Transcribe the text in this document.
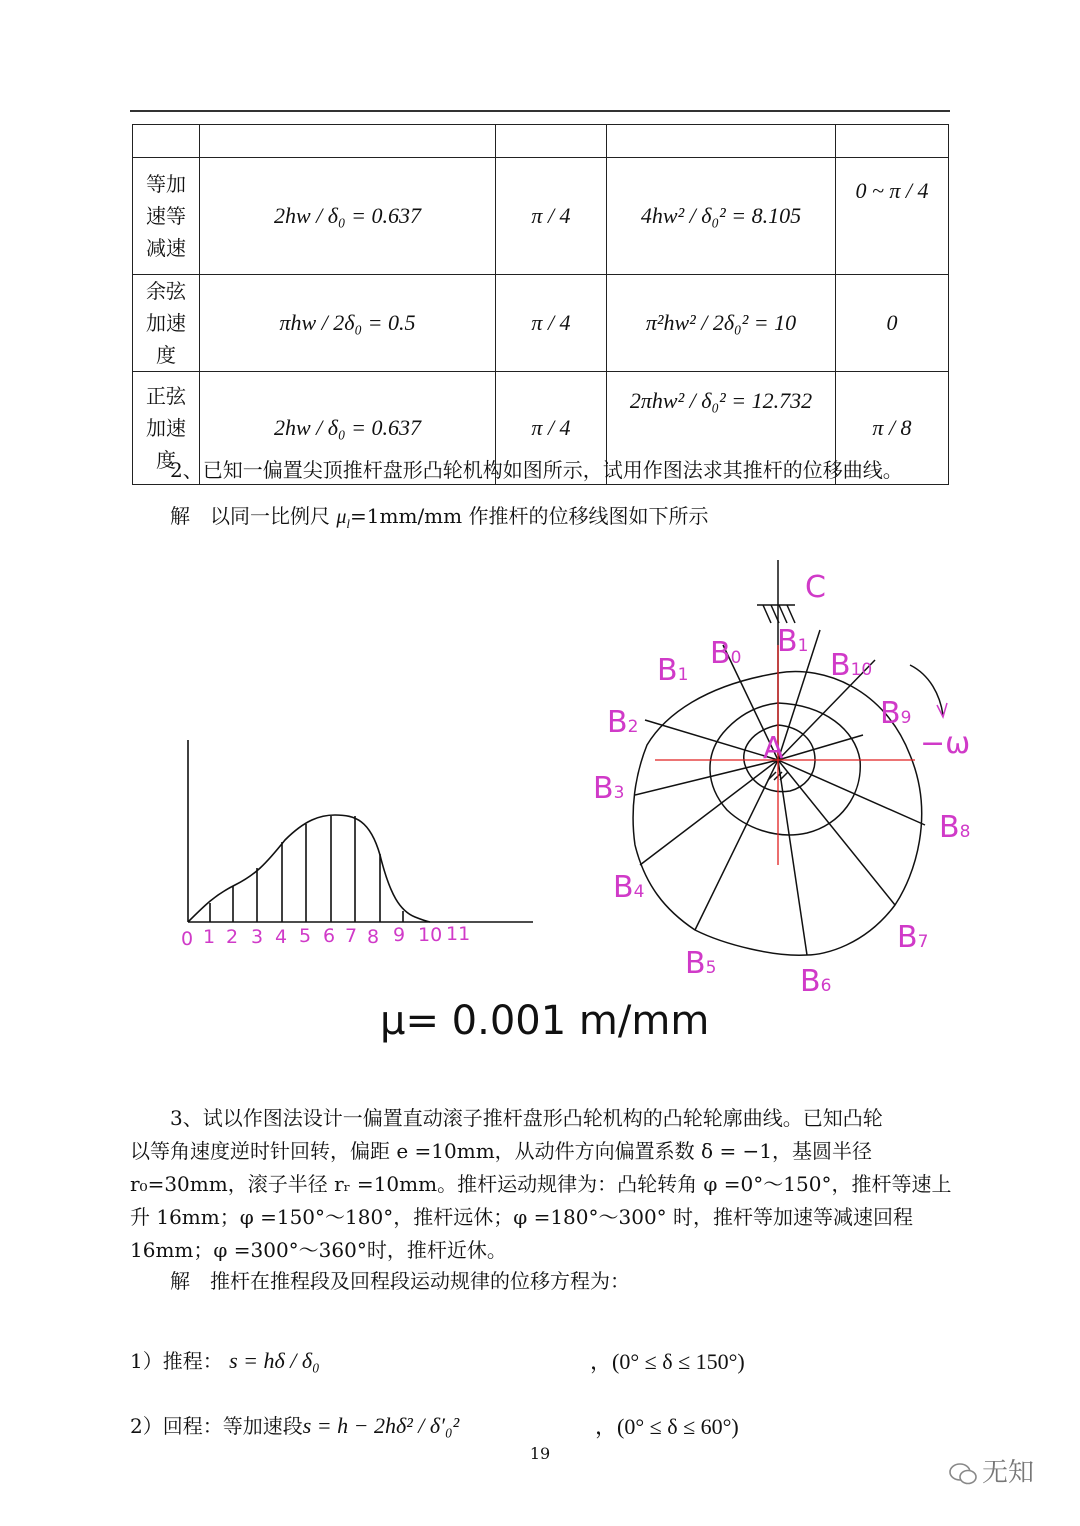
等加
速等
减速	2hw / δ₀ = 0.637	π / 4	4hw² / δ₀² = 8.105	0 ~ π / 4

余弦
加速
度	πhw / 2δ₀ = 0.5	π / 4	π²hw² / 2δ₀² = 10	0

正弦
加速
度	2hw / δ₀ = 0.637	π / 4	2πhw² / δ₀² = 12.732	π / 8
2、已知一偏置尖顶推杆盘形凸轮机构如图所示，试用作图法求其推杆的位移曲线。
解　以同一比例尺 $\mu_l=1mm/mm$ 作推杆的位移线图如下所示
0 1 2 3 4 5 6 7 8 9 10 11
C
B0 B1
B1	B10
B9
−ω
B2
A
B3
B8
B4
B7
B5	B6
μ= 0.001 m/mm
3、试以作图法设计一偏置直动滚子推杆盘形凸轮机构的凸轮轮廓曲线。已知凸轮
以等角速度逆时针回转，偏距 e =10mm，从动件方向偏置系数 δ = −1，基圆半径
r₀=30mm，滚子半径 rᵣ =10mm。推杆运动规律为：凸轮转角 φ =0°～150°，推杆等速上
升 16mm；φ =150°～180°，推杆远休；φ =180°～300° 时，推杆等加速等减速回程
16mm；φ =300°～360°时，推杆近休。
解　推杆在推程段及回程段运动规律的位移方程为：
1）推程： s = hδ / δ₀	，(0° ≤ δ ≤ 150°)
2）回程：等加速段s = h − 2hδ² / δ′₀²	，(0° ≤ δ ≤ 60°)
19
无知
